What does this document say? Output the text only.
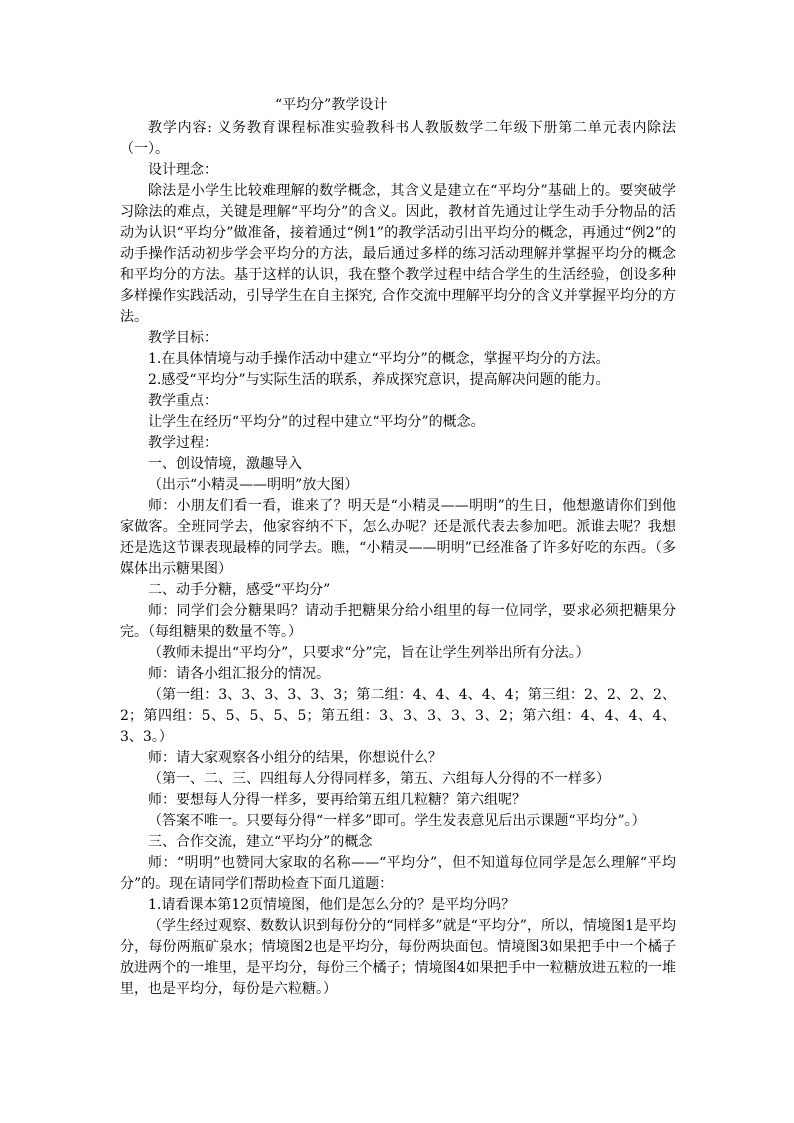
“平均分”教学设计

教学内容: 义务教育课程标准实验教科书人教版数学二年级下册第二单元表内除法（一）。

设计理念：

除法是小学生比较难理解的数学概念，其含义是建立在“平均分”基础上的。要突破学习除法的难点，关键是理解“平均分”的含义。因此，教材首先通过让学生动手分物品的活动为认识“平均分”做准备，接着通过“例1”的教学活动引出平均分的概念，再通过“例2”的动手操作活动初步学会平均分的方法，最后通过多样的练习活动理解并掌握平均分的概念和平均分的方法。基于这样的认识，我在整个教学过程中结合学生的生活经验，创设多种多样操作实践活动，引导学生在自主探究, 合作交流中理解平均分的含义并掌握平均分的方法。

教学目标：

1.在具体情境与动手操作活动中建立“平均分”的概念，掌握平均分的方法。

2.感受“平均分”与实际生活的联系，养成探究意识，提高解决问题的能力。

教学重点：

让学生在经历“平均分”的过程中建立“平均分”的概念。

教学过程：

一、创设情境，激趣导入

（出示“小精灵——明明”放大图）

师：小朋友们看一看，谁来了？明天是“小精灵——明明”的生日，他想邀请你们到他家做客。全班同学去，他家容纳不下，怎么办呢？还是派代表去参加吧。派谁去呢？我想还是选这节课表现最棒的同学去。瞧，“小精灵——明明”已经准备了许多好吃的东西。（多媒体出示糖果图）

二、动手分糖，感受“平均分”

师：同学们会分糖果吗？请动手把糖果分给小组里的每一位同学，要求必须把糖果分完。（每组糖果的数量不等。）

（教师未提出“平均分”，只要求“分”完，旨在让学生列举出所有分法。）

师：请各小组汇报分的情况。

（第一组：3、3、3、3、3、3；第二组：4、4、4、4、4；第三组：2、2、2、2、2；第四组：5、5、5、5、5；第五组：3、3、3、3、3、2；第六组：4、4、4、4、3、3。）

师：请大家观察各小组分的结果，你想说什么？

（第一、二、三、四组每人分得同样多，第五、六组每人分得的不一样多）

师：要想每人分得一样多，要再给第五组几粒糖？第六组呢？

（答案不唯一。只要每分得“一样多”即可。学生发表意见后出示课题“平均分”。）

三、合作交流，建立“平均分”的概念

师：“明明”也赞同大家取的名称——“平均分”，但不知道每位同学是怎么理解“平均分”的。现在请同学们帮助检查下面几道题：

1.请看课本第12页情境图，他们是怎么分的？是平均分吗？

（学生经过观察、数数认识到每份分的“同样多”就是“平均分”，所以，情境图1是平均分，每份两瓶矿泉水；情境图2也是平均分，每份两块面包。情境图3如果把手中一个橘子放进两个的一堆里，是平均分，每份三个橘子；情境图4如果把手中一粒糖放进五粒的一堆里，也是平均分，每份是六粒糖。）
